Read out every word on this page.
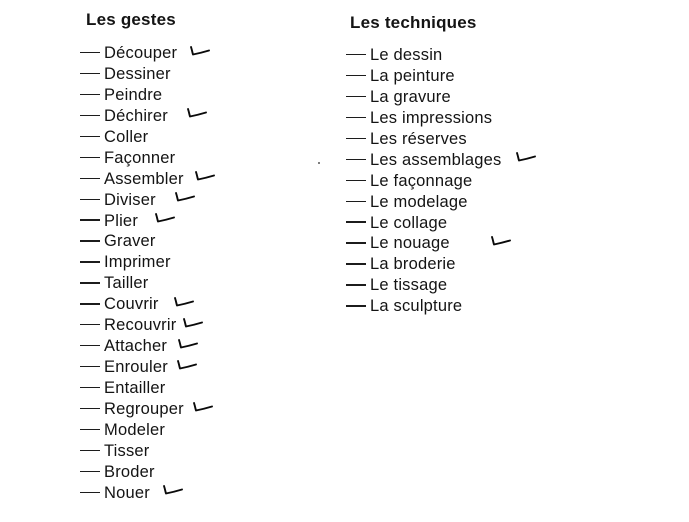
Les gestes
Découper
Dessiner
Peindre
Déchirer
Coller
Façonner
Assembler
Diviser
Plier
Graver
Imprimer
Tailler
Couvrir
Recouvrir
Attacher
Enrouler
Entailler
Regrouper
Modeler
Tisser
Broder
Nouer
Les techniques
Le dessin
La peinture
La gravure
Les impressions
Les réserves
Les assemblages
Le façonnage
Le modelage
Le collage
Le nouage
La broderie
Le tissage
La sculpture
